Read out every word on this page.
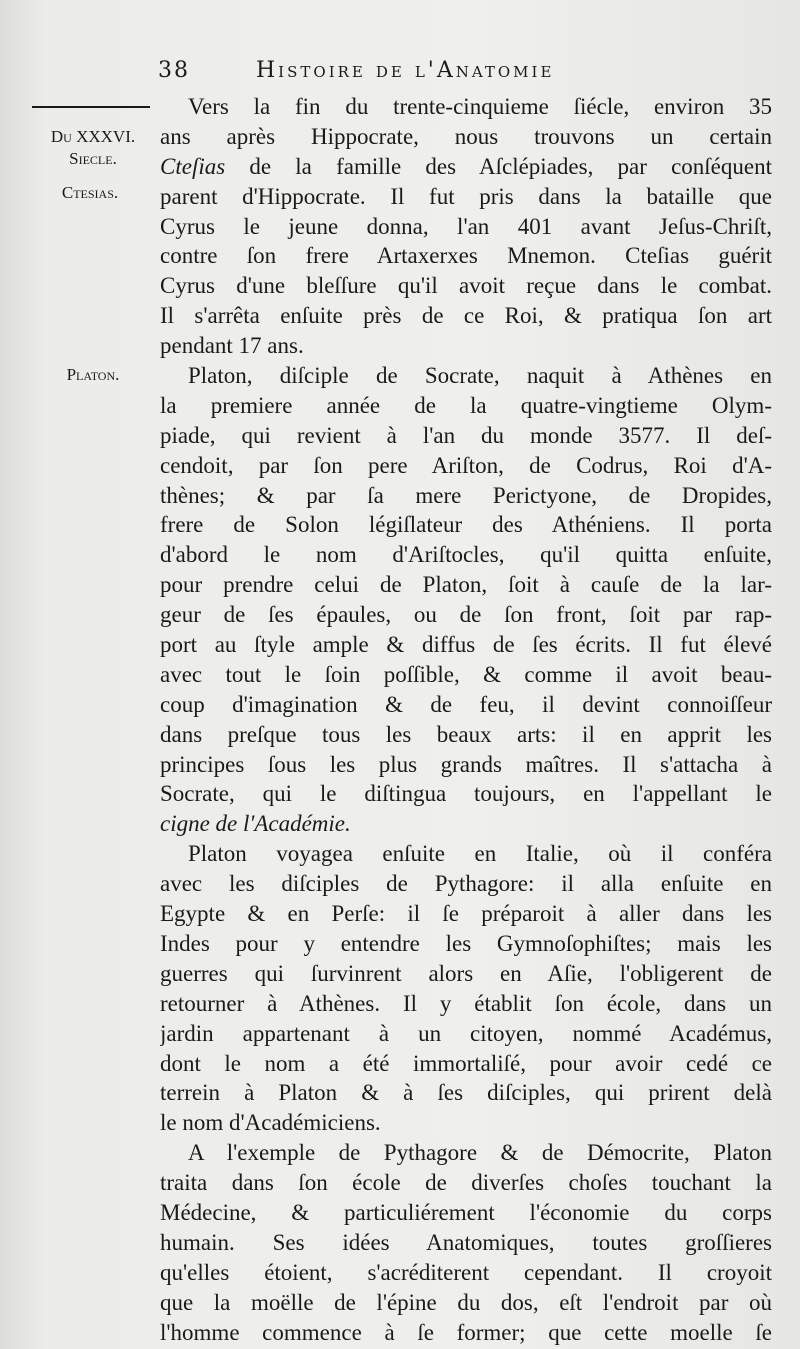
38	Histoire de l'Anatomie
Du XXXVI. Siecle.
Ctesias.
Platon.
Vers la fin du trente-cinquieme ſiécle, environ 35
ans après Hippocrate, nous trouvons un certain
Cteſias de la famille des Aſclépiades, par conſéquent
parent d'Hippocrate. Il fut pris dans la bataille que
Cyrus le jeune donna, l'an 401 avant Jeſus-Chriſt,
contre ſon frere Artaxerxes Mnemon. Cteſias guérit
Cyrus d'une bleſſure qu'il avoit reçue dans le combat.
Il s'arrêta enſuite près de ce Roi, & pratiqua ſon art
pendant 17 ans.
Platon, diſciple de Socrate, naquit à Athènes en
la premiere année de la quatre-vingtieme Olym-
piade, qui revient à l'an du monde 3577. Il deſ-
cendoit, par ſon pere Ariſton, de Codrus, Roi d'A-
thènes; & par ſa mere Perictyone, de Dropides,
frere de Solon légiſlateur des Athéniens. Il porta
d'abord le nom d'Ariſtocles, qu'il quitta enſuite,
pour prendre celui de Platon, ſoit à cauſe de la lar-
geur de ſes épaules, ou de ſon front, ſoit par rap-
port au ſtyle ample & diffus de ſes écrits. Il fut élevé
avec tout le ſoin poſſible, & comme il avoit beau-
coup d'imagination & de feu, il devint connoiſſeur
dans preſque tous les beaux arts: il en apprit les
principes ſous les plus grands maîtres. Il s'attacha à
Socrate, qui le diſtingua toujours, en l'appellant le
cigne de l'Académie.
Platon voyagea enſuite en Italie, où il conféra
avec les diſciples de Pythagore: il alla enſuite en
Egypte & en Perſe: il ſe préparoit à aller dans les
Indes pour y entendre les Gymnoſophiſtes; mais les
guerres qui ſurvinrent alors en Aſie, l'obligerent de
retourner à Athènes. Il y établit ſon école, dans un
jardin appartenant à un citoyen, nommé Académus,
dont le nom a été immortaliſé, pour avoir cedé ce
terrein à Platon & à ſes diſciples, qui prirent delà
le nom d'Académiciens.
A l'exemple de Pythagore & de Démocrite, Platon
traita dans ſon école de diverſes choſes touchant la
Médecine, & particuliérement l'économie du corps
humain. Ses idées Anatomiques, toutes groſſieres
qu'elles étoient, s'acréditerent cependant. Il croyoit
que la moëlle de l'épine du dos, eſt l'endroit par où
l'homme commence à ſe former; que cette moelle ſe
